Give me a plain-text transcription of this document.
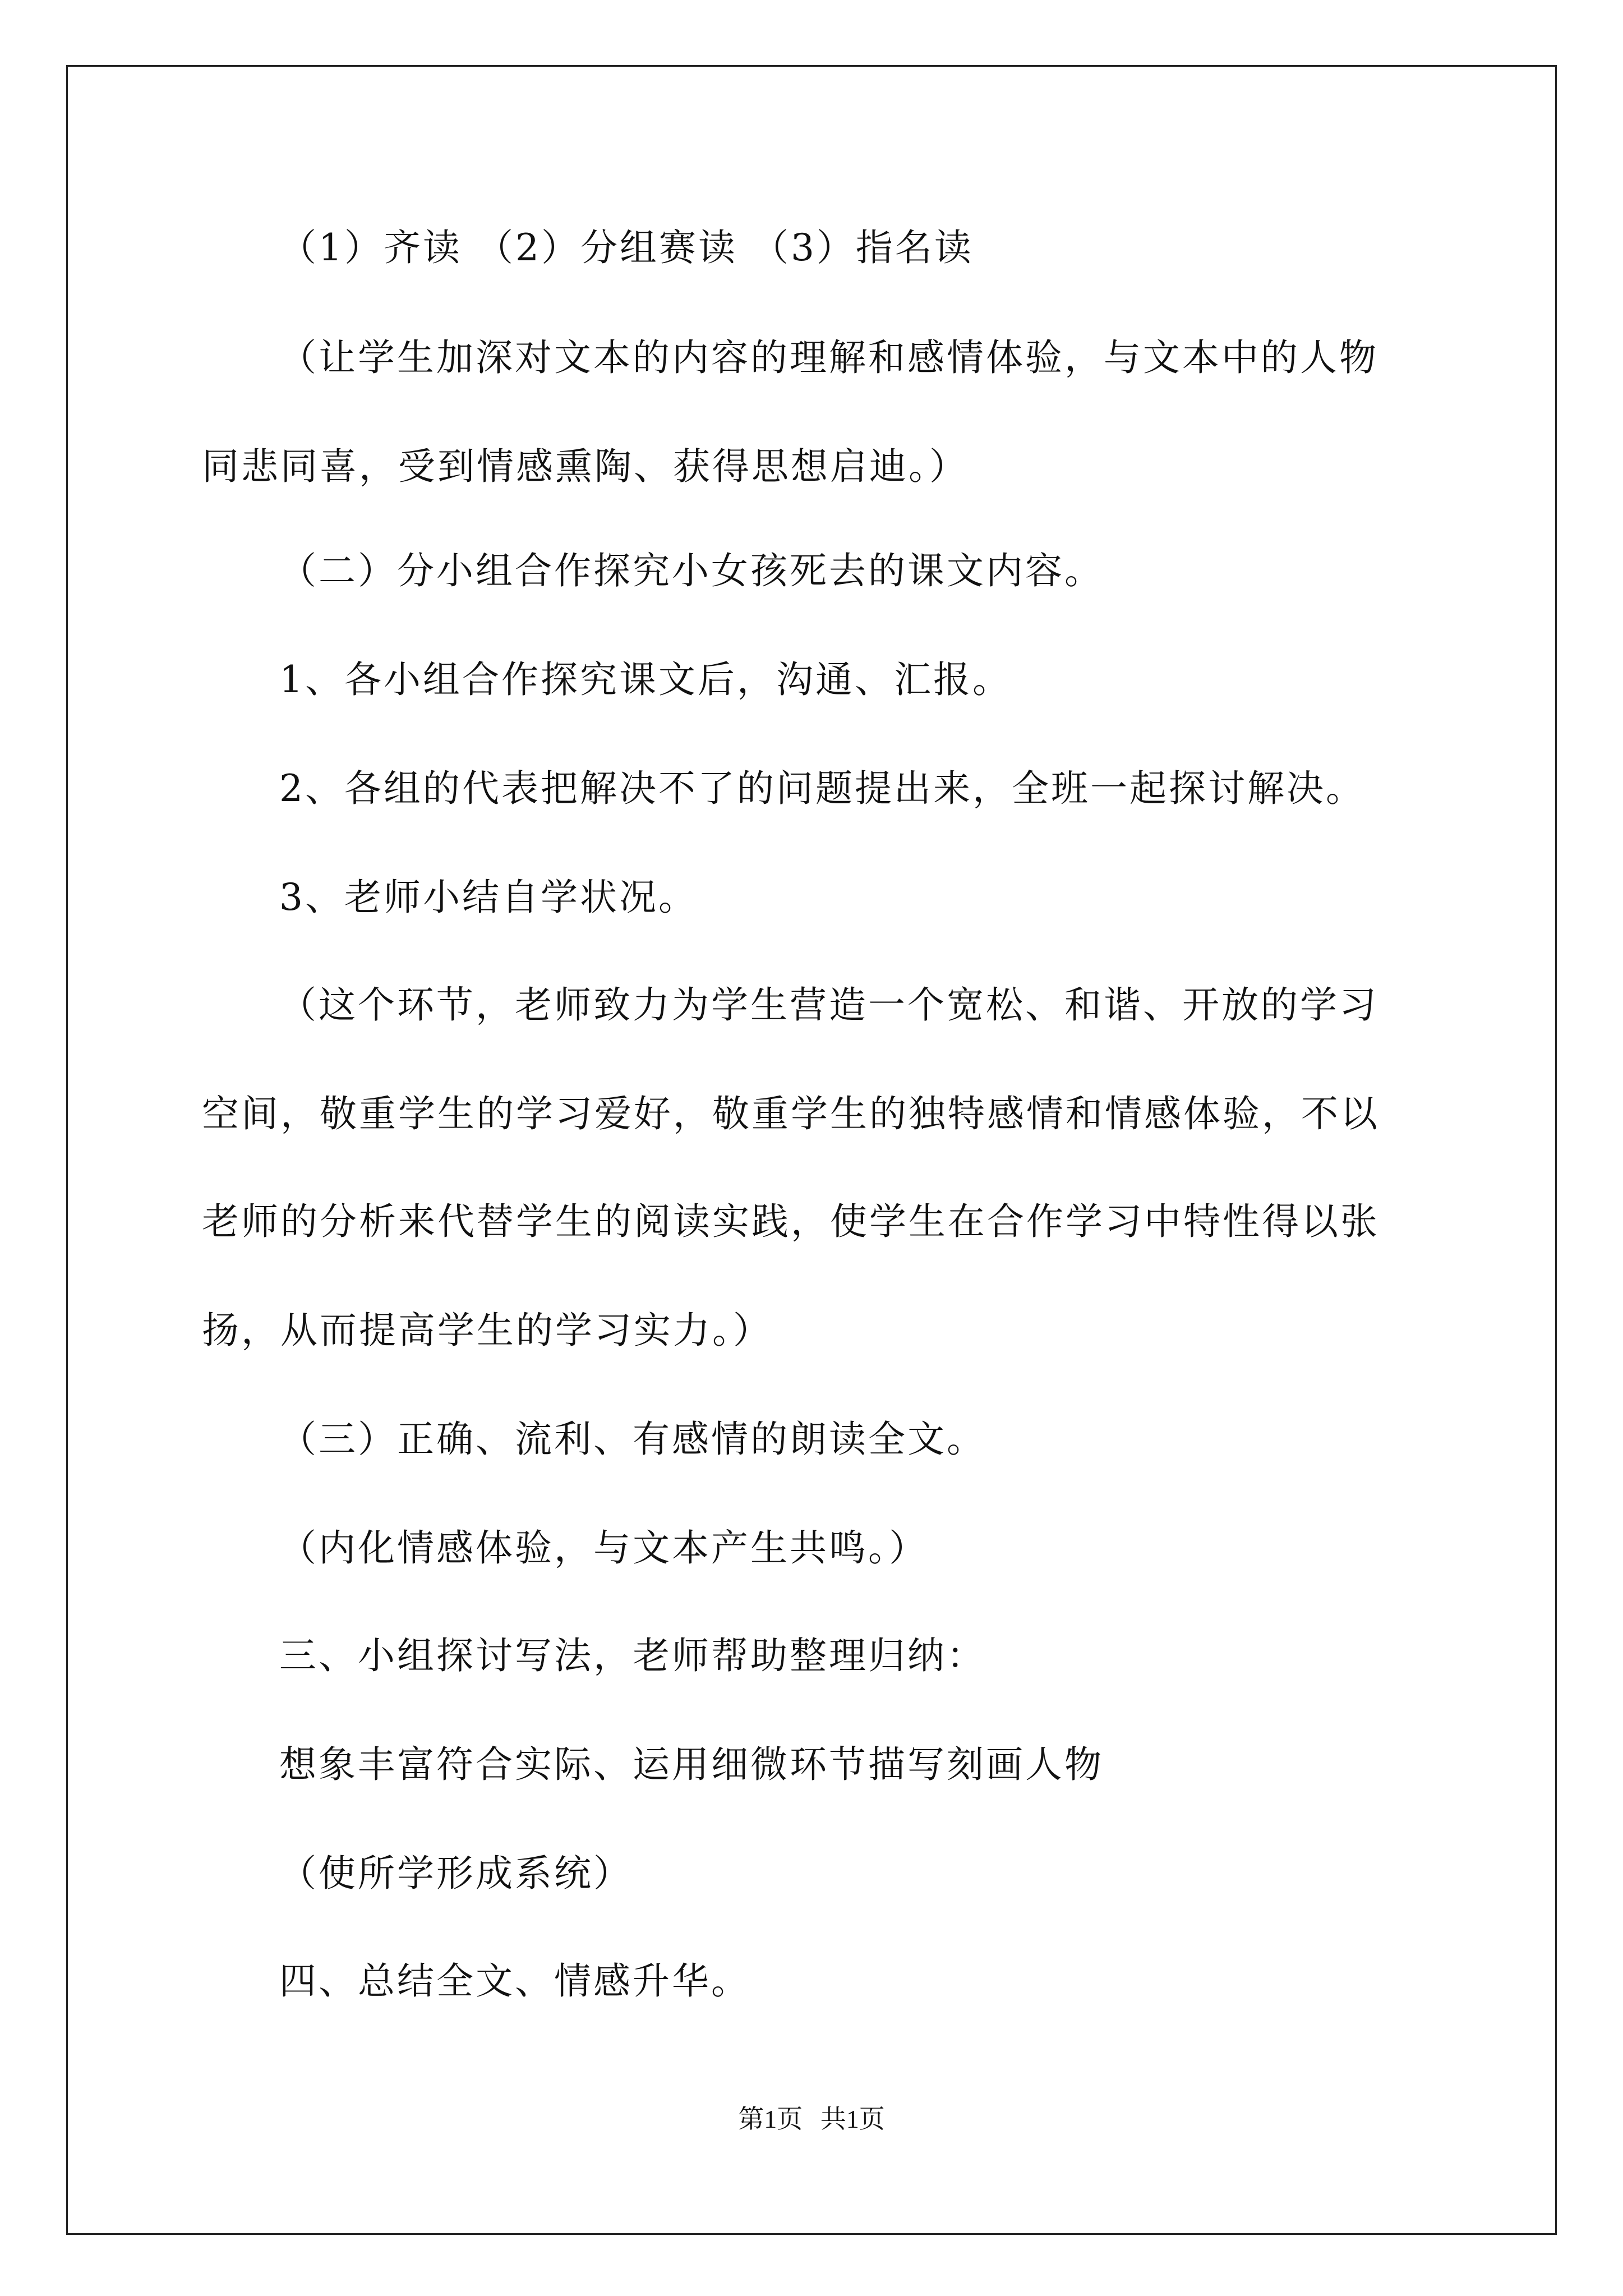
（1）齐读 （2）分组赛读 （3）指名读
（让学生加深对文本的内容的理解和感情体验，与文本中的人物
同悲同喜，受到情感熏陶、获得思想启迪。）
（二）分小组合作探究小女孩死去的课文内容。
1、各小组合作探究课文后，沟通、汇报。
2、各组的代表把解决不了的问题提出来，全班一起探讨解决。
3、老师小结自学状况。
（这个环节，老师致力为学生营造一个宽松、和谐、开放的学习
空间，敬重学生的学习爱好，敬重学生的独特感情和情感体验，不以
老师的分析来代替学生的阅读实践，使学生在合作学习中特性得以张
扬，从而提高学生的学习实力。）
（三）正确、流利、有感情的朗读全文。
（内化情感体验，与文本产生共鸣。）
三、小组探讨写法，老师帮助整理归纳：
想象丰富符合实际、运用细微环节描写刻画人物
（使所学形成系统）
四、总结全文、情感升华。
第1页 共1页
